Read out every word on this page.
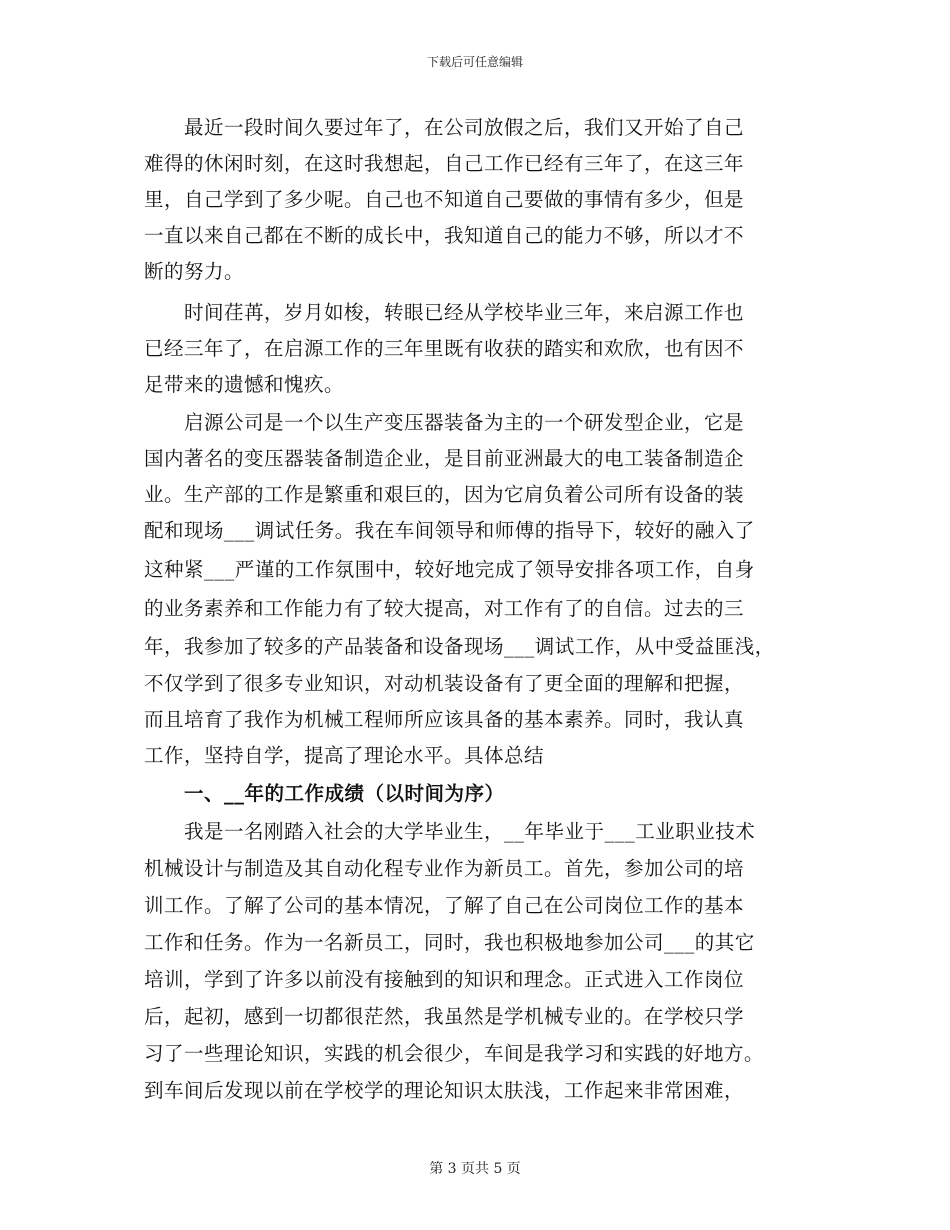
下载后可任意编辑
　　最近一段时间久要过年了，在公司放假之后，我们又开始了自己
难得的休闲时刻，在这时我想起，自己工作已经有三年了，在这三年
里，自己学到了多少呢。自己也不知道自己要做的事情有多少，但是
一直以来自己都在不断的成长中，我知道自己的能力不够，所以才不
断的努力。
　　时间荏苒，岁月如梭，转眼已经从学校毕业三年，来启源工作也
已经三年了，在启源工作的三年里既有收获的踏实和欢欣，也有因不
足带来的遗憾和愧疚。
　　启源公司是一个以生产变压器装备为主的一个研发型企业，它是
国内著名的变压器装备制造企业，是目前亚洲最大的电工装备制造企
业。生产部的工作是繁重和艰巨的，因为它肩负着公司所有设备的装
配和现场___调试任务。我在车间领导和师傅的指导下，较好的融入了
这种紧___严谨的工作氛围中，较好地完成了领导安排各项工作，自身
的业务素养和工作能力有了较大提高，对工作有了的自信。过去的三
年，我参加了较多的产品装备和设备现场___调试工作，从中受益匪浅，
不仅学到了很多专业知识，对动机装设备有了更全面的理解和把握，
而且培育了我作为机械工程师所应该具备的基本素养。同时，我认真
工作，坚持自学，提高了理论水平。具体总结
　　一、__年的工作成绩（以时间为序）
　　我是一名刚踏入社会的大学毕业生，__年毕业于___工业职业技术
机械设计与制造及其自动化程专业作为新员工。首先，参加公司的培
训工作。了解了公司的基本情况，了解了自己在公司岗位工作的基本
工作和任务。作为一名新员工，同时，我也积极地参加公司___的其它
培训，学到了许多以前没有接触到的知识和理念。正式进入工作岗位
后，起初，感到一切都很茫然，我虽然是学机械专业的。在学校只学
习了一些理论知识，实践的机会很少，车间是我学习和实践的好地方。
到车间后发现以前在学校学的理论知识太肤浅，工作起来非常困难，
第 3 页共 5 页
